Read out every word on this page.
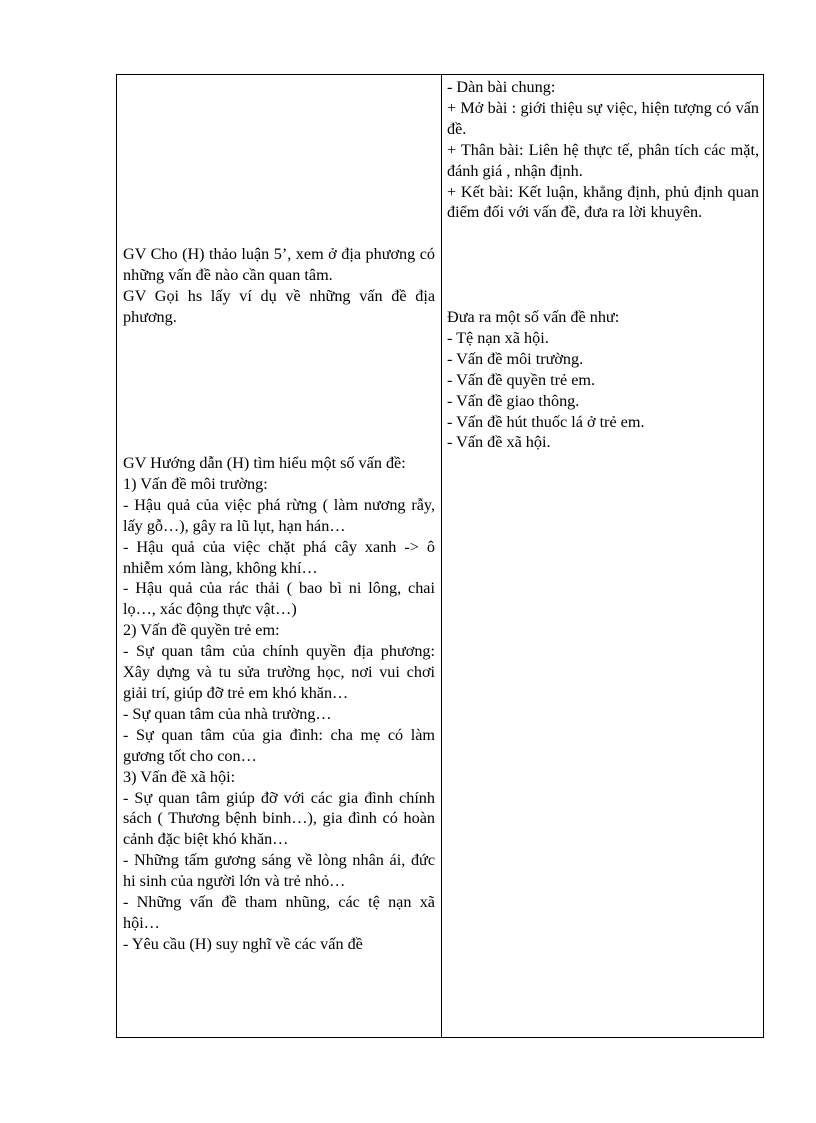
- Dàn bài chung:

+ Mở bài : giới thiệu sự việc, hiện tượng có vấn đề.

+ Thân bài: Liên hệ thực tế, phân tích các mặt, đánh giá , nhận định.

+ Kết bài: Kết luận, khẳng định, phủ định quan điểm đối với vấn đề, đưa ra lời khuyên.

GV Cho (H) thảo luận 5’, xem ở địa phương có những vấn đề nào cần quan tâm.

GV Gọi hs lấy ví dụ về những vấn đề địa phương.	Đưa ra một số vấn đề như:

- Tệ nạn xã hội.

- Vấn đề môi trường.

- Vấn đề quyền trẻ em.

- Vấn đề giao thông.

- Vấn đề hút thuốc lá ở trẻ em.

- Vấn đề xã hội.

GV Hướng dẫn (H) tìm hiểu một số vấn đề:

1) Vấn đề môi trường:

- Hậu quả của việc phá rừng ( làm nương rẫy, lấy gỗ…), gây ra lũ lụt, hạn hán…

- Hậu quả của việc chặt phá cây xanh -> ô nhiễm xóm làng, không khí…

- Hậu quả của rác thải ( bao bì ni lông, chai lọ…, xác động thực vật…)

2) Vấn đề quyền trẻ em:

- Sự quan tâm của chính quyền địa phương: Xây dựng và tu sửa trường học, nơi vui chơi giải trí, giúp đỡ trẻ em khó khăn…

- Sự quan tâm của nhà trường…

- Sự quan tâm của gia đình: cha mẹ có làm gương tốt cho con…

3) Vấn đề xã hội:

- Sự quan tâm giúp đỡ với các gia đình chính sách ( Thương bệnh binh…), gia đình có hoàn cảnh đặc biệt khó khăn…

- Những tấm gương sáng về lòng nhân ái, đức hi sinh của người lớn và trẻ nhỏ…

- Những vấn đề tham nhũng, các tệ nạn xã hội…

- Yêu cầu (H) suy nghĩ về các vấn đề
